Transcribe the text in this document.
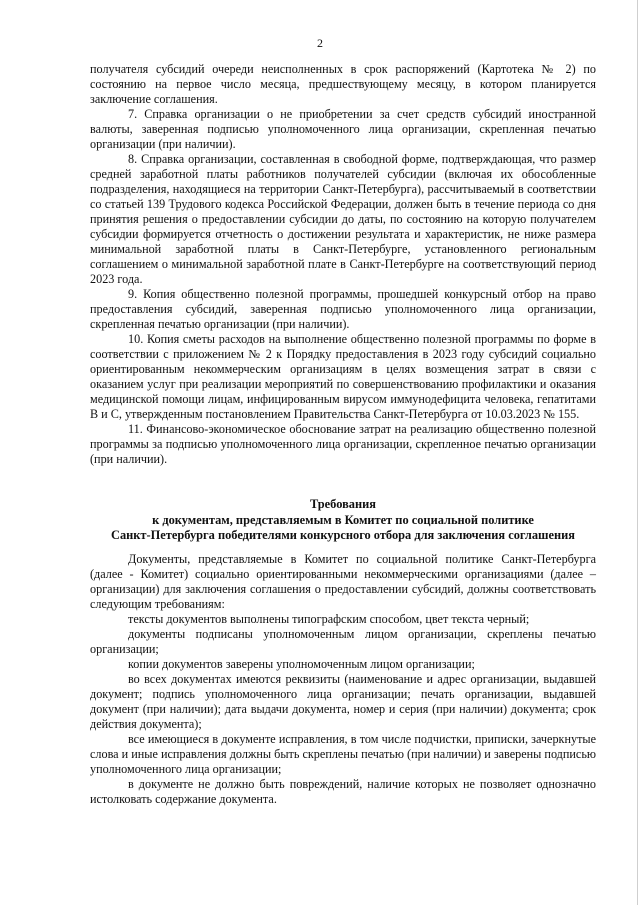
2

получателя субсидий очереди неисполненных в срок распоряжений (Картотека № 2) по состоянию на первое число месяца, предшествующему месяцу, в котором планируется заключение соглашения.

7. Справка организации о не приобретении за счет средств субсидий иностранной валюты, заверенная подписью уполномоченного лица организации, скрепленная печатью организации (при наличии).

8. Справка организации, составленная в свободной форме, подтверждающая, что размер средней заработной платы работников получателей субсидии (включая их обособленные подразделения, находящиеся на территории Санкт-Петербурга), рассчитываемый в соответствии со статьей 139 Трудового кодекса Российской Федерации, должен быть в течение периода со дня принятия решения о предоставлении субсидии до даты, по состоянию на которую получателем субсидии формируется отчетность о достижении результата и характеристик, не ниже размера минимальной заработной платы в Санкт-Петербурге, установленного региональным соглашением о минимальной заработной плате в Санкт-Петербурге на соответствующий период 2023 года.

9. Копия общественно полезной программы, прошедшей конкурсный отбор на право предоставления субсидий, заверенная подписью уполномоченного лица организации, скрепленная печатью организации (при наличии).

10. Копия сметы расходов на выполнение общественно полезной программы по форме в соответствии с приложением № 2 к Порядку предоставления в 2023 году субсидий социально ориентированным некоммерческим организациям в целях возмещения затрат в связи с оказанием услуг при реализации мероприятий по совершенствованию профилактики и оказания медицинской помощи лицам, инфицированным вирусом иммунодефицита человека, гепатитами В и С, утвержденным постановлением Правительства Санкт-Петербурга от 10.03.2023 № 155.

11. Финансово-экономическое обоснование затрат на реализацию общественно полезной программы за подписью уполномоченного лица организации, скрепленное печатью организации (при наличии).

Требования
к документам, представляемым в Комитет по социальной политике
Санкт-Петербурга победителями конкурсного отбора для заключения соглашения

Документы, представляемые в Комитет по социальной политике Санкт-Петербурга (далее - Комитет) социально ориентированными некоммерческими организациями (далее – организации) для заключения соглашения о предоставлении субсидий, должны соответствовать следующим требованиям:

тексты документов выполнены типографским способом, цвет текста черный;

документы подписаны уполномоченным лицом организации, скреплены печатью организации;

копии документов заверены уполномоченным лицом организации;

во всех документах имеются реквизиты (наименование и адрес организации, выдавшей документ; подпись уполномоченного лица организации; печать организации, выдавшей документ (при наличии); дата выдачи документа, номер и серия (при наличии) документа; срок действия документа);

все имеющиеся в документе исправления, в том числе подчистки, приписки, зачеркнутые слова и иные исправления должны быть скреплены печатью (при наличии) и заверены подписью уполномоченного лица организации;

в документе не должно быть повреждений, наличие которых не позволяет однозначно истолковать содержание документа.
